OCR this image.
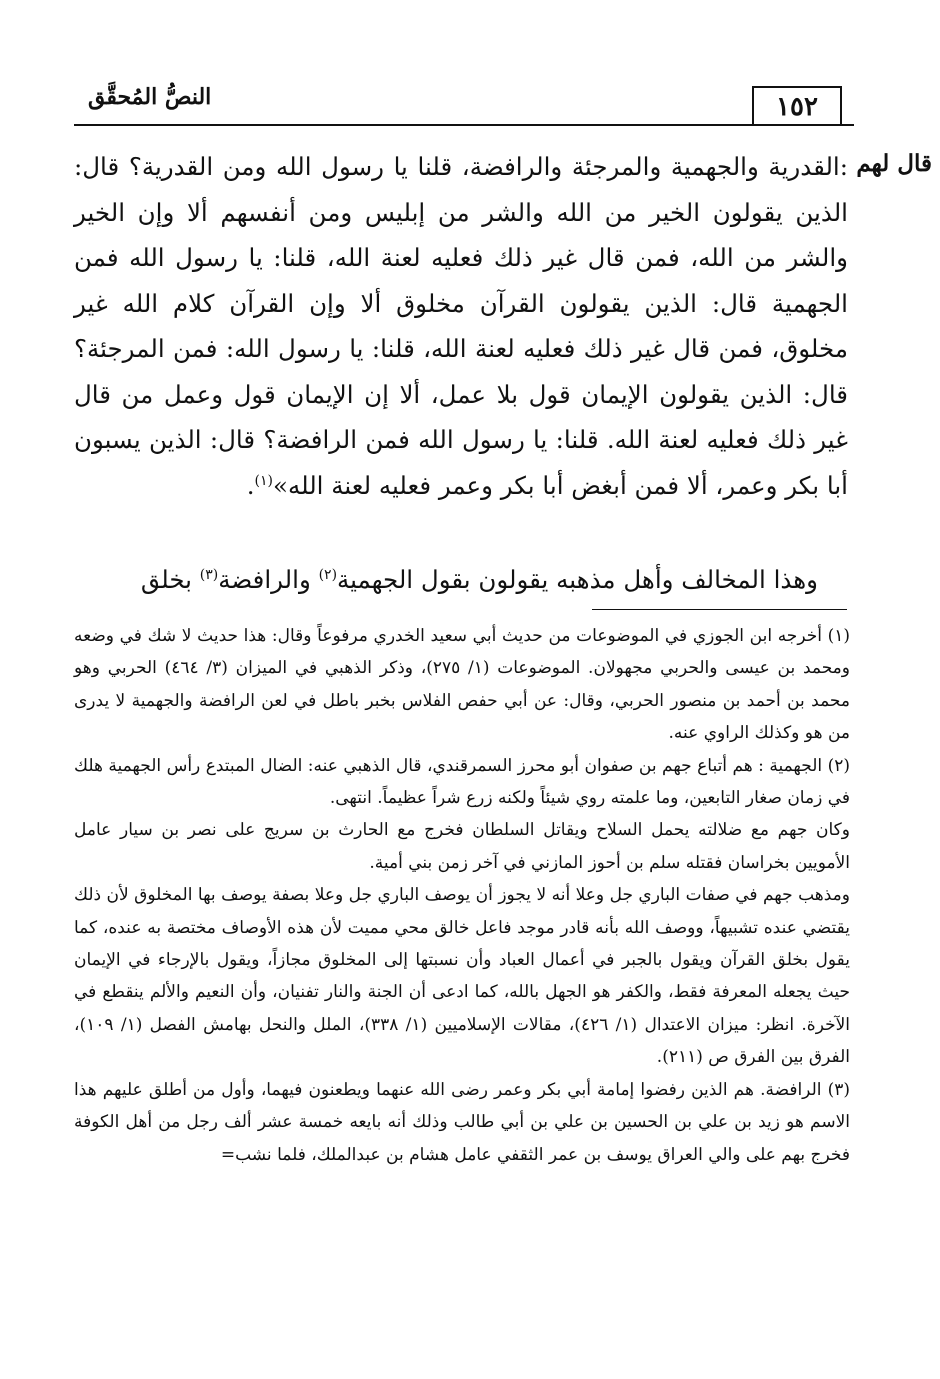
النصُّ المُحقَّق	١٥٢
قال لهم

:القدرية والجهمية والمرجئة والرافضة، قلنا يا رسول الله ومن القدرية؟ قال: الذين يقولون الخير من الله والشر من إبليس ومن أنفسهم ألا وإن الخير والشر من الله، فمن قال غير ذلك فعليه لعنة الله، قلنا: يا رسول الله فمن الجهمية قال: الذين يقولون القرآن مخلوق ألا وإن القرآن كلام الله غير مخلوق، فمن قال غير ذلك فعليه لعنة الله، قلنا: يا رسول الله: فمن المرجئة؟ قال: الذين يقولون الإيمان قول بلا عمل، ألا إن الإيمان قول وعمل من قال غير ذلك فعليه لعنة الله. قلنا: يا رسول الله فمن الرافضة؟ قال: الذين يسبون أبا بكر وعمر، ألا فمن أبغض أبا بكر وعمر فعليه لعنة الله»$^{(١)}$.

وهذا المخالف وأهل مذهبه يقولون بقول الجهمية$^{(٢)}$ والرافضة$^{(٣)}$ بخلق

(١) أخرجه ابن الجوزي في الموضوعات من حديث أبي سعيد الخدري مرفوعاً وقال: هذا حديث لا شك في وضعه ومحمد بن عيسى والحربي مجهولان. الموضوعات (١/ ٢٧٥)، وذكر الذهبي في الميزان (٣/ ٤٦٤) الحربي وهو محمد بن أحمد بن منصور الحربي، وقال: عن أبي حفص الفلاس بخبر باطل في لعن الرافضة والجهمية لا يدرى من هو وكذلك الراوي عنه.

(٢) الجهمية : هم أتباع جهم بن صفوان أبو محرز السمرقندي، قال الذهبي عنه: الضال المبتدع رأس الجهمية هلك في زمان صغار التابعين، وما علمته روي شيئاً ولكنه زرع شراً عظيماً. انتهى.

وكان جهم مع ضلالته يحمل السلاح ويقاتل السلطان فخرج مع الحارث بن سريج على نصر بن سيار عامل الأمويين بخراسان فقتله سلم بن أحوز المازني في آخر زمن بني أمية.

ومذهب جهم في صفات الباري جل وعلا أنه لا يجوز أن يوصف الباري جل وعلا بصفة يوصف بها المخلوق لأن ذلك يقتضي عنده تشبيهاً، ووصف الله بأنه قادر موجد فاعل خالق محي مميت لأن هذه الأوصاف مختصة به عنده، كما يقول بخلق القرآن ويقول بالجبر في أعمال العباد وأن نسبتها إلى المخلوق مجازاً، ويقول بالإرجاء في الإيمان حيث يجعله المعرفة فقط، والكفر هو الجهل بالله، كما ادعى أن الجنة والنار تفنيان، وأن النعيم والألم ينقطع في الآخرة. انظر: ميزان الاعتدال (١/ ٤٢٦)، مقالات الإسلاميين (١/ ٣٣٨)، الملل والنحل بهامش الفصل (١/ ١٠٩)، الفرق بين الفرق ص (٢١١).

(٣) الرافضة. هم الذين رفضوا إمامة أبي بكر وعمر رضى الله عنهما ويطعنون فيهما، وأول من أطلق عليهم هذا الاسم هو زيد بن علي بن الحسين بن علي بن أبي طالب وذلك أنه بايعه خمسة عشر ألف رجل من أهل الكوفة فخرج بهم على والي العراق يوسف بن عمر الثقفي عامل هشام بن عبدالملك، فلما نشب=
